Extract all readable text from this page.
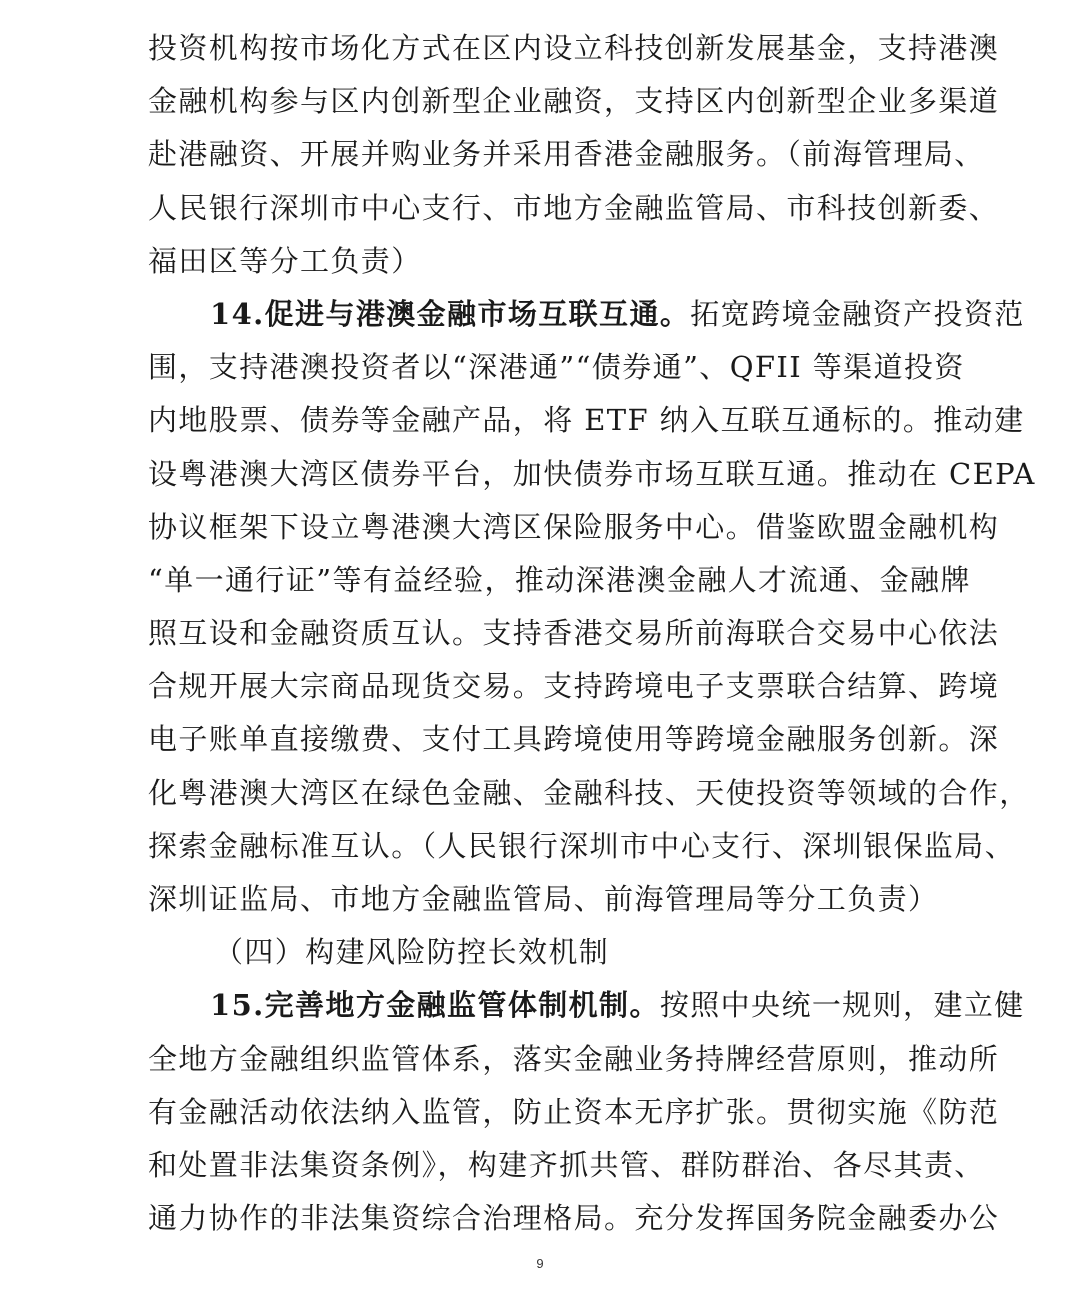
投资机构按市场化方式在区内设立科技创新发展基金，支持港澳
金融机构参与区内创新型企业融资，支持区内创新型企业多渠道
赴港融资、开展并购业务并采用香港金融服务。（前海管理局、
人民银行深圳市中心支行、市地方金融监管局、市科技创新委、
福田区等分工负责）
14.促进与港澳金融市场互联互通。拓宽跨境金融资产投资范
围，支持港澳投资者以“深港通”“债券通”、QFII 等渠道投资
内地股票、债券等金融产品，将 ETF 纳入互联互通标的。推动建
设粤港澳大湾区债券平台，加快债券市场互联互通。推动在 CEPA
协议框架下设立粤港澳大湾区保险服务中心。借鉴欧盟金融机构
“单一通行证”等有益经验，推动深港澳金融人才流通、金融牌
照互设和金融资质互认。支持香港交易所前海联合交易中心依法
合规开展大宗商品现货交易。支持跨境电子支票联合结算、跨境
电子账单直接缴费、支付工具跨境使用等跨境金融服务创新。深
化粤港澳大湾区在绿色金融、金融科技、天使投资等领域的合作，
探索金融标准互认。（人民银行深圳市中心支行、深圳银保监局、
深圳证监局、市地方金融监管局、前海管理局等分工负责）
（四）构建风险防控长效机制
15.完善地方金融监管体制机制。按照中央统一规则，建立健
全地方金融组织监管体系，落实金融业务持牌经营原则，推动所
有金融活动依法纳入监管，防止资本无序扩张。贯彻实施《防范
和处置非法集资条例》，构建齐抓共管、群防群治、各尽其责、
通力协作的非法集资综合治理格局。充分发挥国务院金融委办公
9
